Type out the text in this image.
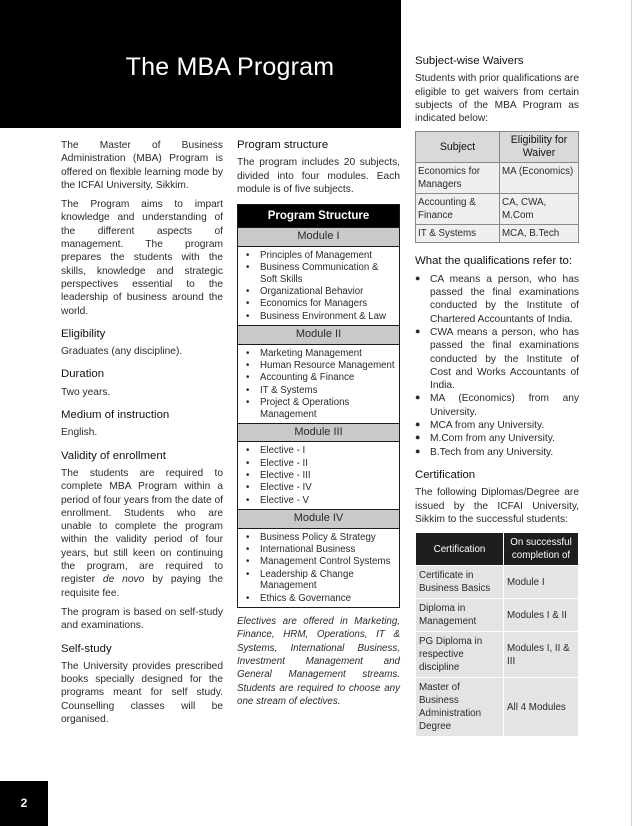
The MBA Program

The Master of Business Administration (MBA) Program is offered on flexible learning mode by the ICFAI University, Sikkim.

The Program aims to impart knowledge and understanding of the different aspects of management. The program prepares the students with the skills, knowledge and strategic perspectives essential to the leadership of business around the world.

Eligibility

Graduates (any discipline).

Duration

Two years.

Medium of instruction

English.

Validity of enrollment

The students are required to complete MBA Program within a period of four years from the date of enrollment. Students who are unable to complete the program within the validity period of four years, but still keen on continuing the program, are required to register de novo by paying the requisite fee.

The program is based on self-study and examinations.

Self-study

The University provides prescribed books specially designed for the programs meant for self study. Counselling classes will be organised.

Program structure

The program includes 20 subjects, divided into four modules. Each module is of five subjects.

Program Structure
Module I
• Principles of Management
• Business Communication & Soft Skills
• Organizational Behavior
• Economics for Managers
• Business Environment & Law
Module II
• Marketing Management
• Human Resource Management
• Accounting & Finance
• IT & Systems
• Project & Operations Management
Module III
• Elective - I
• Elective - II
• Elective - III
• Elective - IV
• Elective - V
Module IV
• Business Policy & Strategy
• International Business
• Management Control Systems
• Leadership & Change Management
• Ethics & Governance

Electives are offered in Marketing, Finance, HRM, Operations, IT & Systems, International Business, Investment Management and General Management streams. Students are required to choose any one stream of electives.

Subject-wise Waivers

Students with prior qualifications are eligible to get waivers from certain subjects of the MBA Program as indicated below:

Subject	Eligibility for Waiver
Economics for Managers	MA (Economics)
Accounting & Finance	CA, CWA, M.Com
IT & Systems	MCA, B.Tech
What the qualifications refer to:
● CA means a person, who has passed the final examinations conducted by the Institute of Chartered Accountants of India.
● CWA means a person, who has passed the final examinations conducted by the Institute of Cost and Works Accountants of India.
● MA (Economics) from any University.
● MCA from any University.
● M.Com from any University.
● B.Tech from any University.
Certification

The following Diplomas/Degree are issued by the ICFAI University, Sikkim to the successful students:

Certification	On successful completion of
Certificate in Business Basics	Module I
Diploma in Management	Modules I & II
PG Diploma in respective discipline	Modules I, II & III
Master of Business Administration Degree	All 4 Modules
2
